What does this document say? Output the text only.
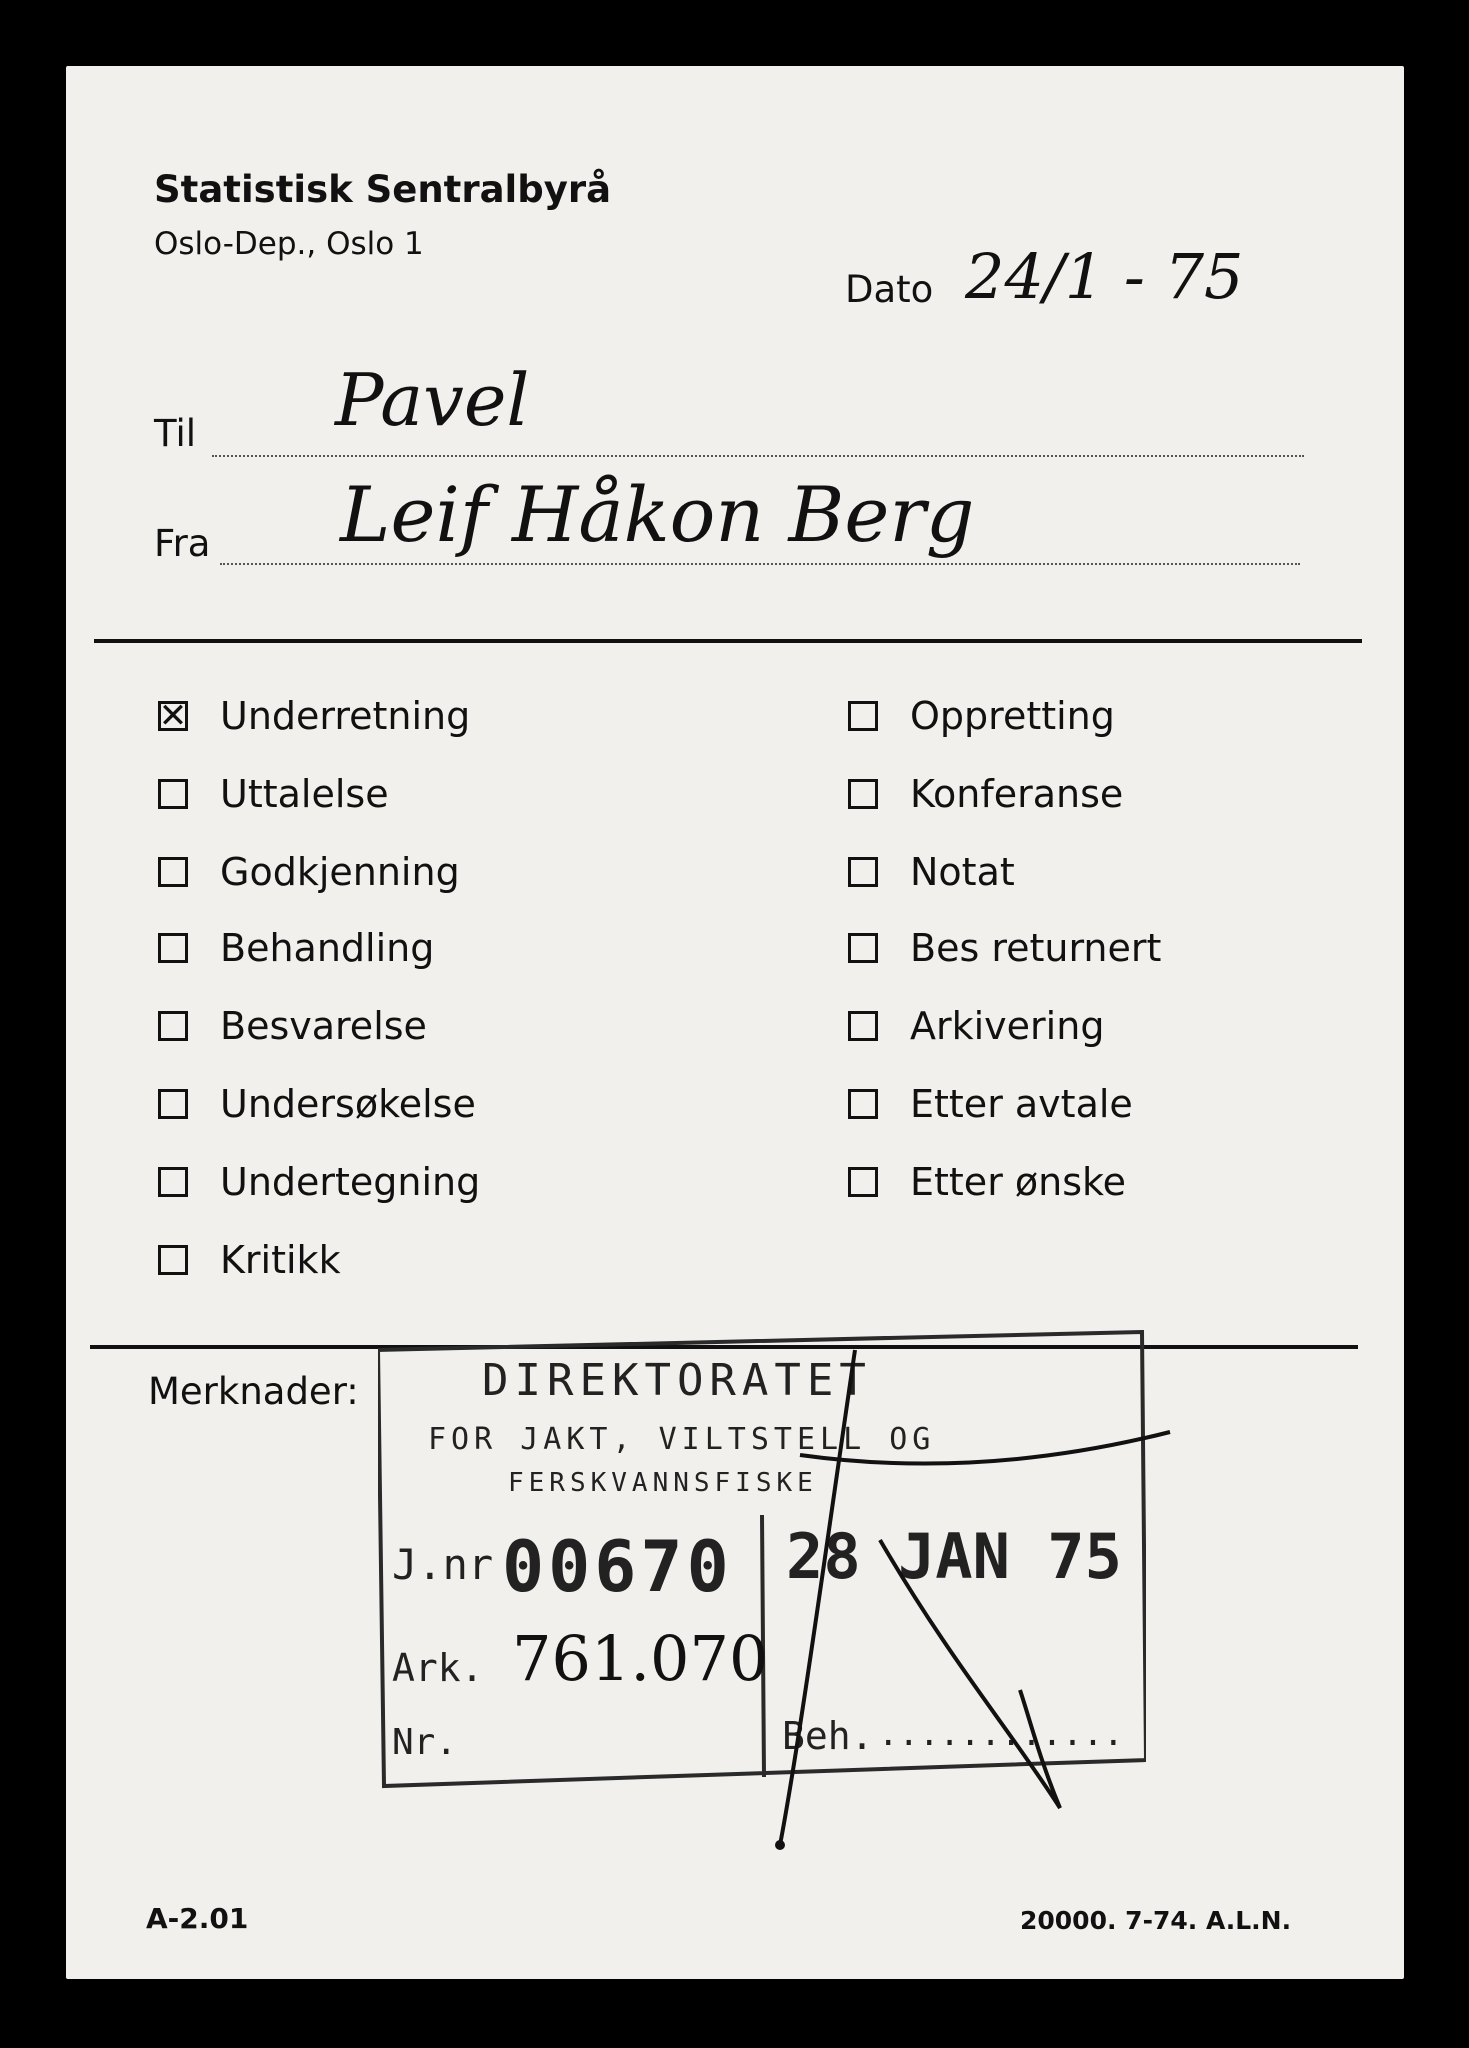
Statistisk Sentralbyrå
Oslo-Dep., Oslo 1
Dato 24/1 - 75
Til Pavel
Fra Leif Håkon Berg
✕ Underretning
Uttalelse
Godkjenning
Behandling
Besvarelse
Undersøkelse
Undertegning
Kritikk
Oppretting
Konferanse
Notat
Bes returnert
Arkivering
Etter avtale
Etter ønske
Merknader:	DIREKTORATET
FOR JAKT, VILTSTELL OG
FERSKVANNSFISKE
J.nr 00670 28 JAN 75
Ark. 761.070
Nr.	Beh. ............
A-2.01	20000. 7-74. A.L.N.
